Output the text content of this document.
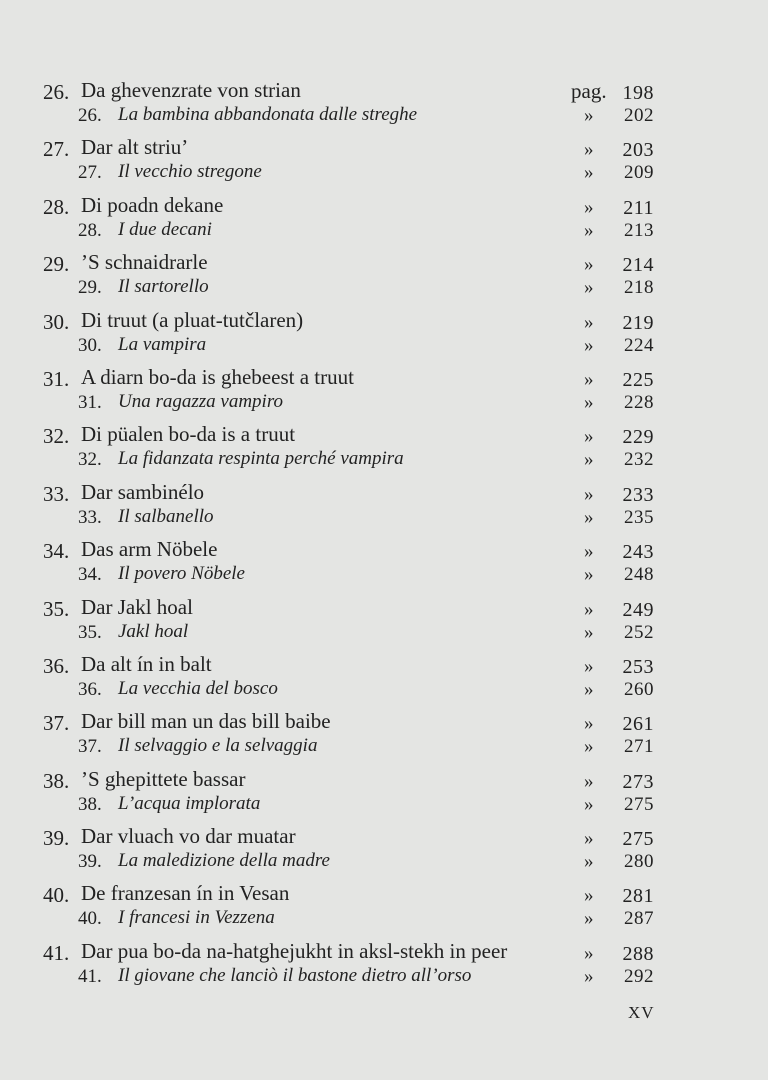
26. Da ghevenzrate von strian	pag. 198
26. La bambina abbandonata dalle streghe	» 202
27. Dar alt striu’	» 203
27. Il vecchio stregone	» 209
28. Di poadn dekane	» 211
28. I due decani	» 213
29. ’S schnaidrarle	» 214
29. Il sartorello	» 218
30. Di truut (a pluat-tutčlaren)	» 219
30. La vampira	» 224
31. A diarn bo-da is ghebeest a truut	» 225
31. Una ragazza vampiro	» 228
32. Di püalen bo-da is a truut	» 229
32. La fidanzata respinta perché vampira	» 232
33. Dar sambinélo	» 233
33. Il salbanello	» 235
34. Das arm Nöbele	» 243
34. Il povero Nöbele	» 248
35. Dar Jakl hoal	» 249
35. Jakl hoal	» 252
36. Da alt ín in balt	» 253
36. La vecchia del bosco	» 260
37. Dar bill man un das bill baibe	» 261
37. Il selvaggio e la selvaggia	» 271
38. ’S ghepittete bassar	» 273
38. L’acqua implorata	» 275
39. Dar vluach vo dar muatar	» 275
39. La maledizione della madre	» 280
40. De franzesan ín in Vesan	» 281
40. I francesi in Vezzena	» 287
41. Dar pua bo-da na-hatghejukht in aksl-stekh in peer	» 288
41. Il giovane che lanciò il bastone dietro all’orso	» 292
XV
